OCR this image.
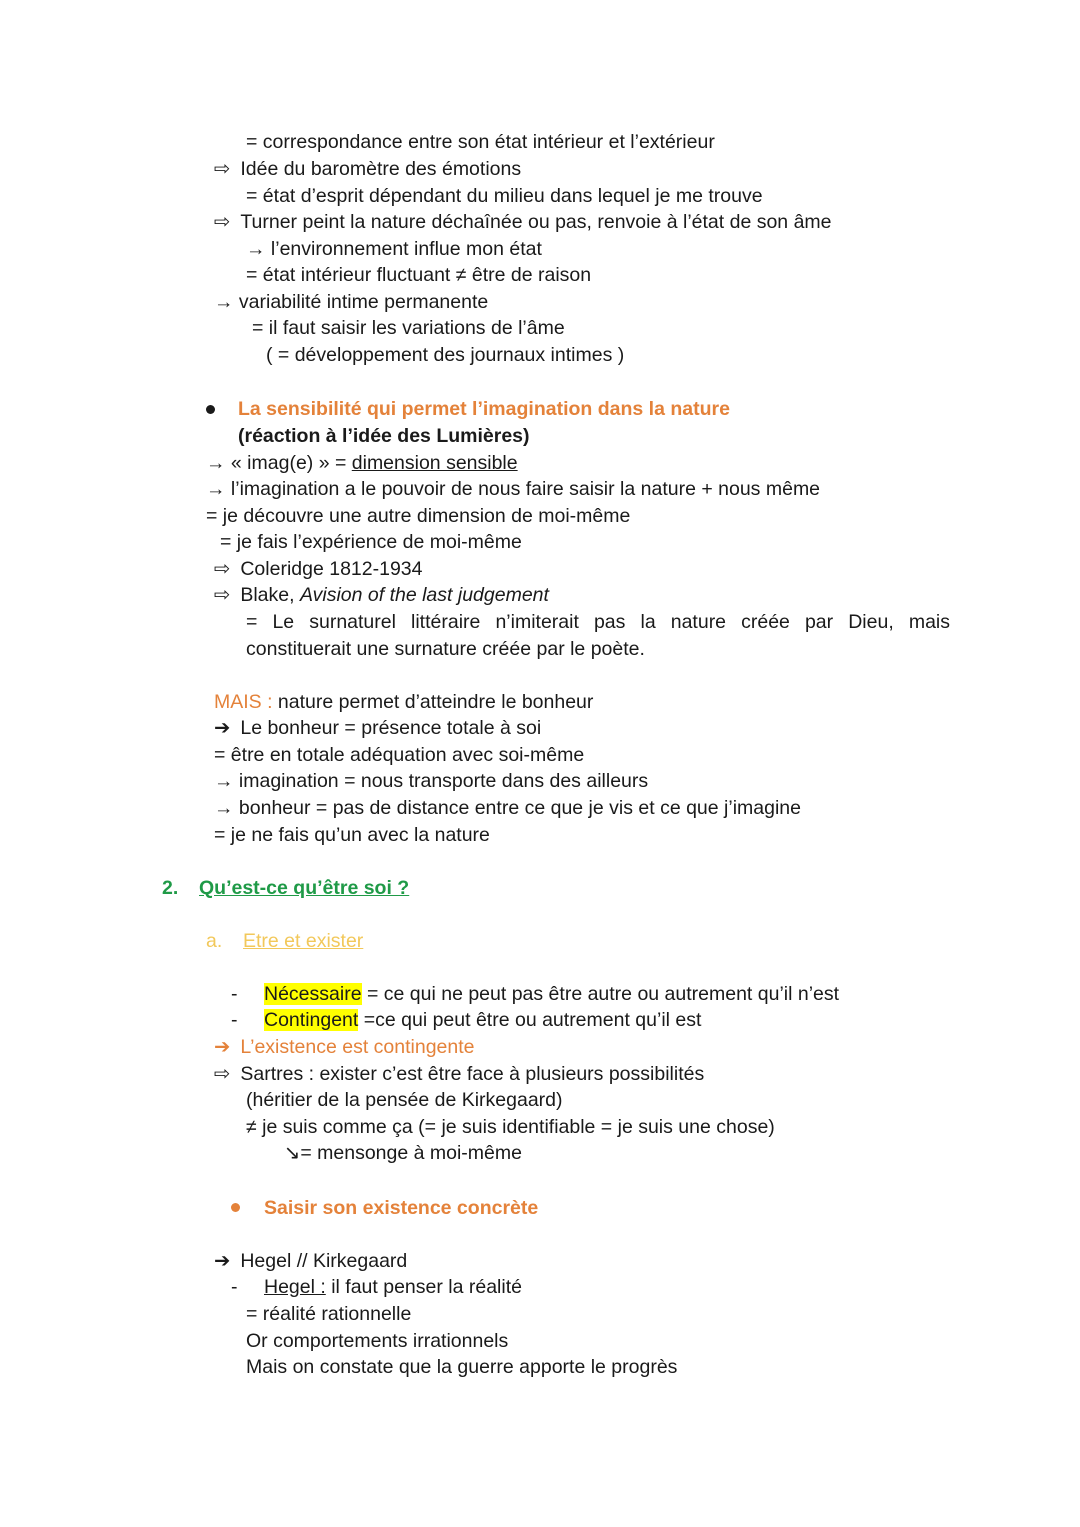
= correspondance entre son état intérieur et l’extérieur
⇨ Idée du baromètre des émotions
= état d’esprit dépendant du milieu dans lequel je me trouve
⇨ Turner peint la nature déchaînée ou pas, renvoie à l’état de son âme
→ l’environnement influe mon état
= état intérieur fluctuant ≠ être de raison
→ variabilité intime permanente
= il faut saisir les variations de l’âme
( = développement des journaux intimes )
La sensibilité qui permet l’imagination dans la nature
(réaction à l’idée des Lumières)
→ « imag(e) » = dimension sensible
→ l’imagination a le pouvoir de nous faire saisir la nature + nous même
= je découvre une autre dimension de moi-même
= je fais l’expérience de moi-même
⇨ Coleridge 1812-1934
⇨ Blake, Avision of the last judgement
= Le surnaturel littéraire n’imiterait pas la nature créée par Dieu, mais
constituerait une surnature créée par le poète.
MAIS : nature permet d’atteindre le bonheur
➔ Le bonheur = présence totale à soi
= être en totale adéquation avec soi-même
→ imagination = nous transporte dans des ailleurs
→ bonheur = pas de distance entre ce que je vis et ce que j’imagine
= je ne fais qu’un avec la nature
2. Qu’est-ce qu’être soi ?
a. Etre et exister
- Nécessaire = ce qui ne peut pas être autre ou autrement qu’il n’est
- Contingent =ce qui peut être ou autrement qu’il est
➔ L’existence est contingente
⇨ Sartres : exister c’est être face à plusieurs possibilités
(héritier de la pensée de Kirkegaard)
≠ je suis comme ça (= je suis identifiable = je suis une chose)
↘= mensonge à moi-même
Saisir son existence concrète
➔ Hegel // Kirkegaard
- Hegel : il faut penser la réalité
= réalité rationnelle
Or comportements irrationnels
Mais on constate que la guerre apporte le progrès
